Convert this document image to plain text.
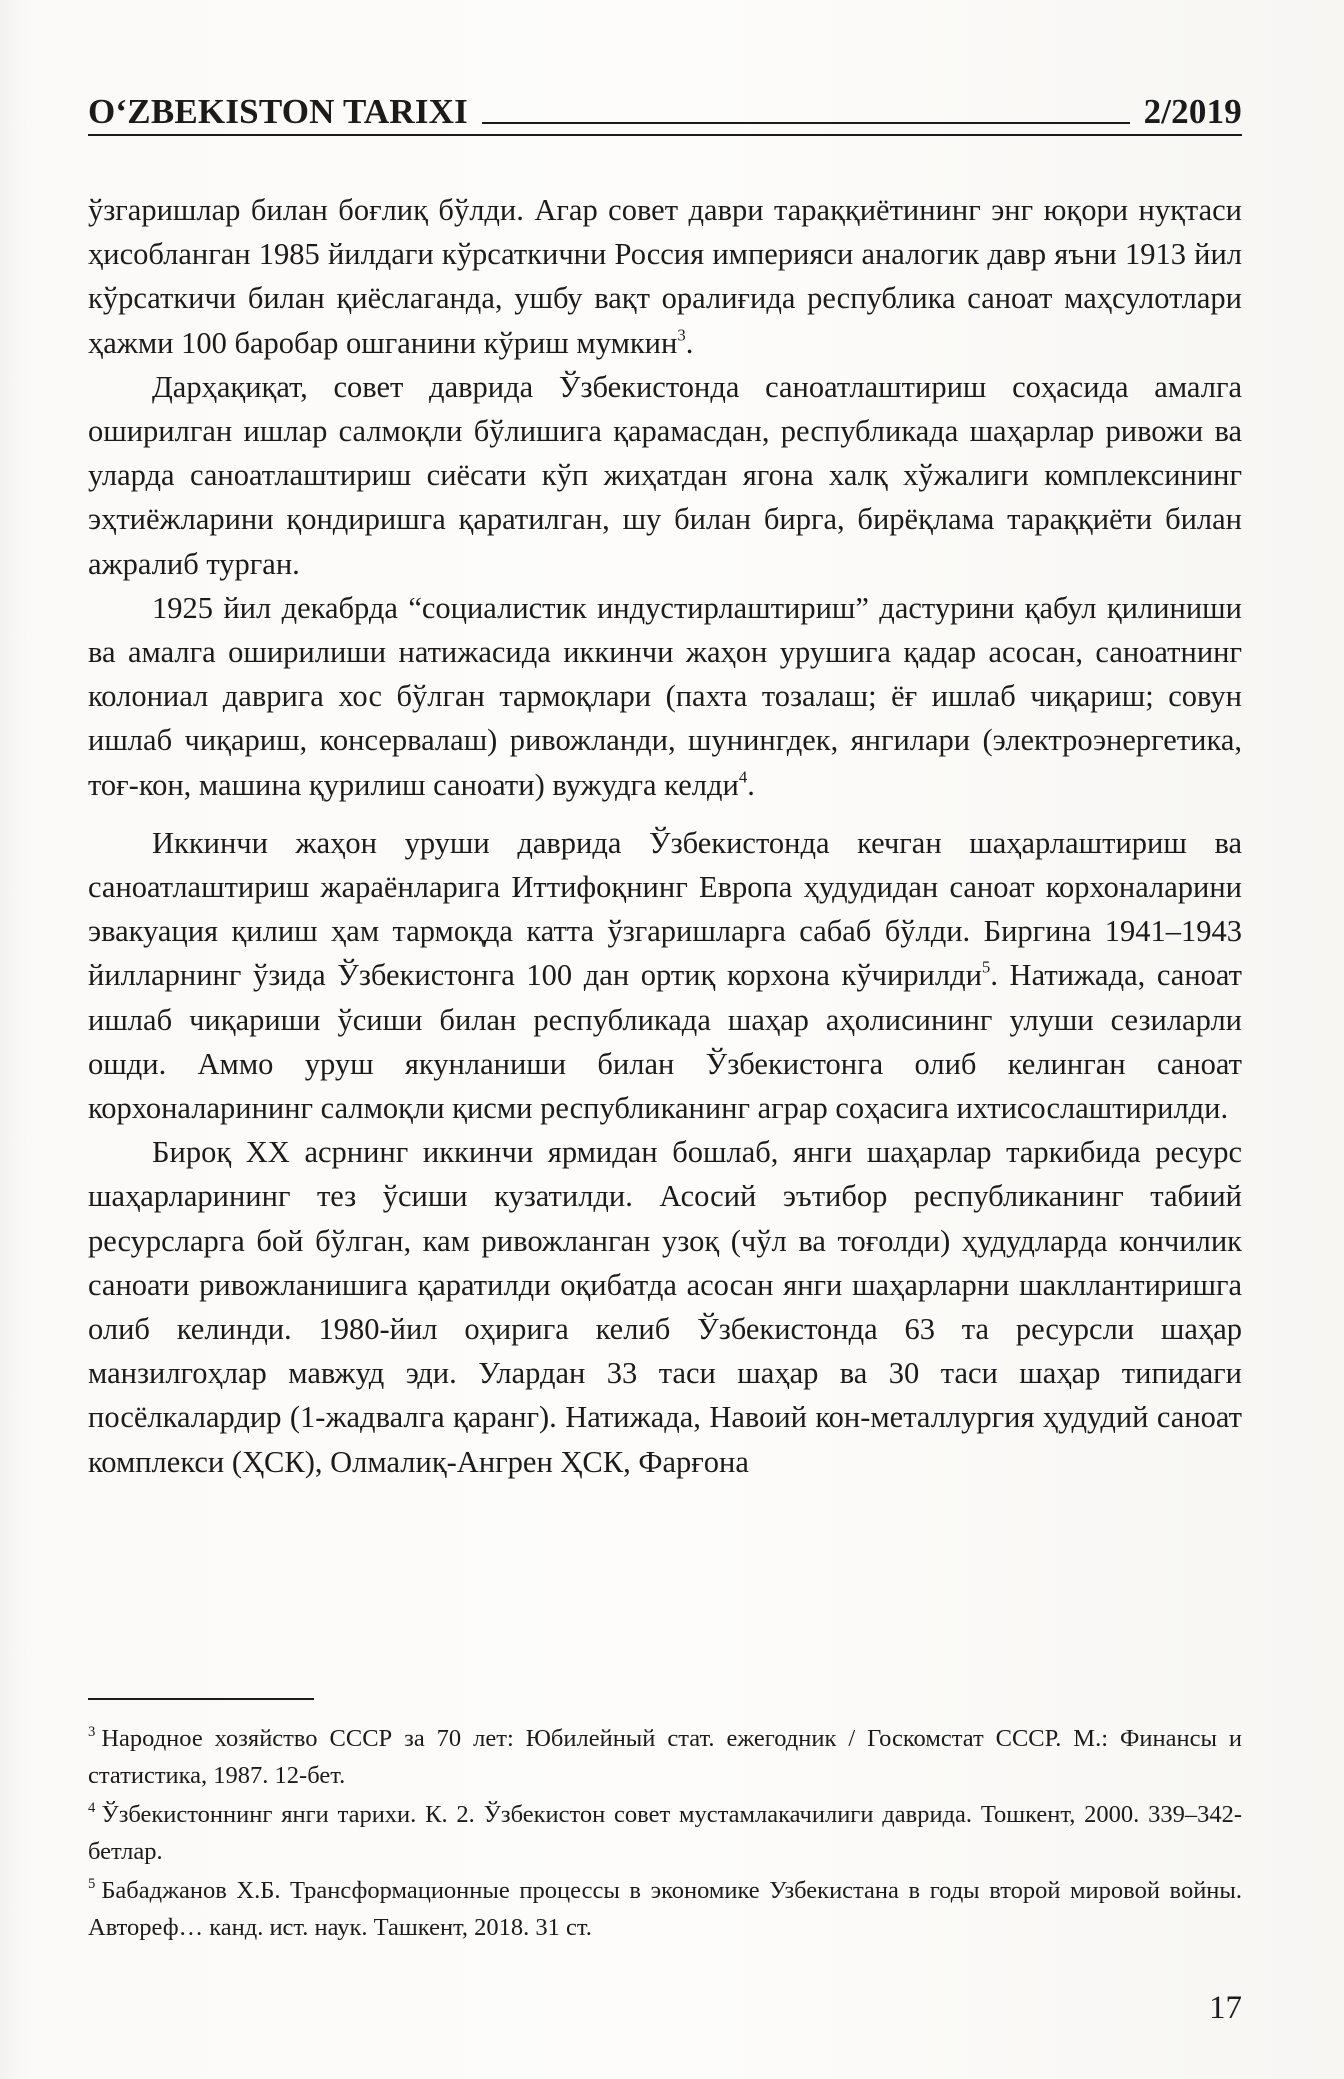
O‘ZBEKISTON TARIXI	2/2019

ўзгаришлар билан боғлиқ бўлди. Агар совет даври тараққиётининг энг юқори нуқтаси ҳисобланган 1985 йилдаги кўрсаткични Россия империяси аналогик давр яъни 1913 йил кўрсаткичи билан қиёслаганда, ушбу вақт оралиғида республика саноат маҳсулотлари ҳажми 100 баробар ошганини кўриш мумкин$^3$.

Дарҳақиқат, совет даврида Ўзбекистонда саноатлаштириш соҳасида амалга оширилган ишлар салмоқли бўлишига қарамасдан, республикада шаҳарлар ривожи ва уларда саноатлаштириш сиёсати кўп жиҳатдан ягона халқ хўжалиги комплексининг эҳтиёжларини қондиришга қаратилган, шу билан бирга, бирёқлама тараққиёти билан ажралиб турган.

1925 йил декабрда “социалистик индустирлаштириш” дастурини қабул қилиниши ва амалга оширилиши натижасида иккинчи жаҳон урушига қадар асосан, саноатнинг колониал даврига хос бўлган тармоқлари (пахта тозалаш; ёғ ишлаб чиқариш; совун ишлаб чиқариш, консервалаш) ривожланди, шунингдек, янгилари (электроэнергетика, тоғ-кон, машина қурилиш саноати) вужудга келди$^4$.

Иккинчи жаҳон уруши даврида Ўзбекистонда кечган шаҳарлаштириш ва саноатлаштириш жараёнларига Иттифоқнинг Европа ҳудудидан саноат корхоналарини эвакуация қилиш ҳам тармоқда катта ўзгаришларга сабаб бўлди. Биргина 1941–1943 йилларнинг ўзида Ўзбекистонга 100 дан ортиқ корхона кўчирилди$^5$. Натижада, саноат ишлаб чиқариши ўсиши билан республикада шаҳар аҳолисининг улуши сезиларли ошди. Аммо уруш якунланиши билан Ўзбекистонга олиб келинган саноат корхоналарининг салмоқли қисми республиканинг аграр соҳасига ихтисослаштирилди.

Бироқ XX асрнинг иккинчи ярмидан бошлаб, янги шаҳарлар таркибида ресурс шаҳарларининг тез ўсиши кузатилди. Асосий эътибор республиканинг табиий ресурсларга бой бўлган, кам ривожланган узоқ (чўл ва тоғолди) ҳудудларда кончилик саноати ривожланишига қаратилди оқибатда асосан янги шаҳарларни шакллантиришга олиб келинди. 1980-йил оҳирига келиб Ўзбекистонда 63 та ресурсли шаҳар манзилгоҳлар мавжуд эди. Улардан 33 таси шаҳар ва 30 таси шаҳар типидаги посёлкалардир (1-жадвалга қаранг). Натижада, Навоий кон-металлургия ҳудудий саноат комплекси (ҲСК), Олмалиқ-Ангрен ҲСК, Фарғона

$^3$ Народное хозяйство СССР за 70 лет: Юбилейный стат. ежегодник / Госкомстат СССР. М.: Финансы и статистика, 1987. 12-бет.

$^4$ Ўзбекистоннинг янги тарихи. К. 2. Ўзбекистон совет мустамлакачилиги даврида. Тошкент, 2000. 339–342-бетлар.

$^5$ Бабаджанов Х.Б. Трансформационные процессы в экономике Узбекистана в годы второй мировой войны. Автореф… канд. ист. наук. Ташкент, 2018. 31 ст.

17
